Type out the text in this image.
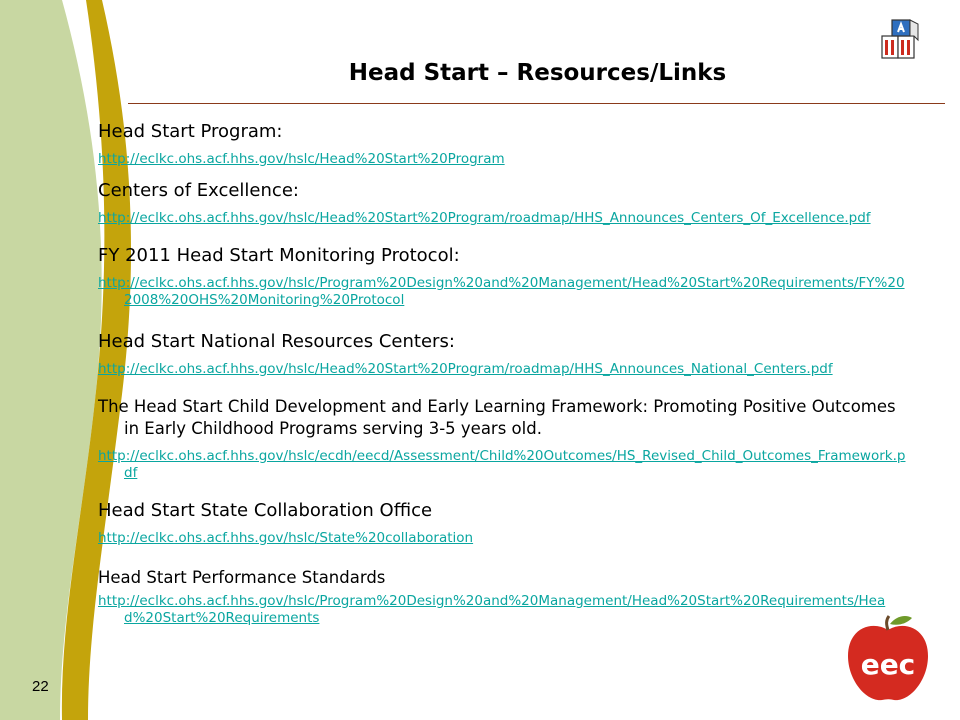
Head Start – Resources/Links
Head Start Program:
http://eclkc.ohs.acf.hhs.gov/hslc/Head%20Start%20Program
Centers of Excellence:
http://eclkc.ohs.acf.hhs.gov/hslc/Head%20Start%20Program/roadmap/HHS_Announces_Centers_Of_Excellence.pdf
FY 2011 Head Start Monitoring Protocol:
http://eclkc.ohs.acf.hhs.gov/hslc/Program%20Design%20and%20Management/Head%20Start%20Requirements/FY%202008%20OHS%20Monitoring%20Protocol
Head Start National Resources Centers:
http://eclkc.ohs.acf.hhs.gov/hslc/Head%20Start%20Program/roadmap/HHS_Announces_National_Centers.pdf
The Head Start Child Development and Early Learning Framework: Promoting Positive Outcomes in Early Childhood Programs serving 3-5 years old.
http://eclkc.ohs.acf.hhs.gov/hslc/ecdh/eecd/Assessment/Child%20Outcomes/HS_Revised_Child_Outcomes_Framework.pdf
Head Start State Collaboration Office
http://eclkc.ohs.acf.hhs.gov/hslc/State%20collaboration
Head Start Performance Standards
http://eclkc.ohs.acf.hhs.gov/hslc/Program%20Design%20and%20Management/Head%20Start%20Requirements/Head%20Start%20Requirements
22
eec
